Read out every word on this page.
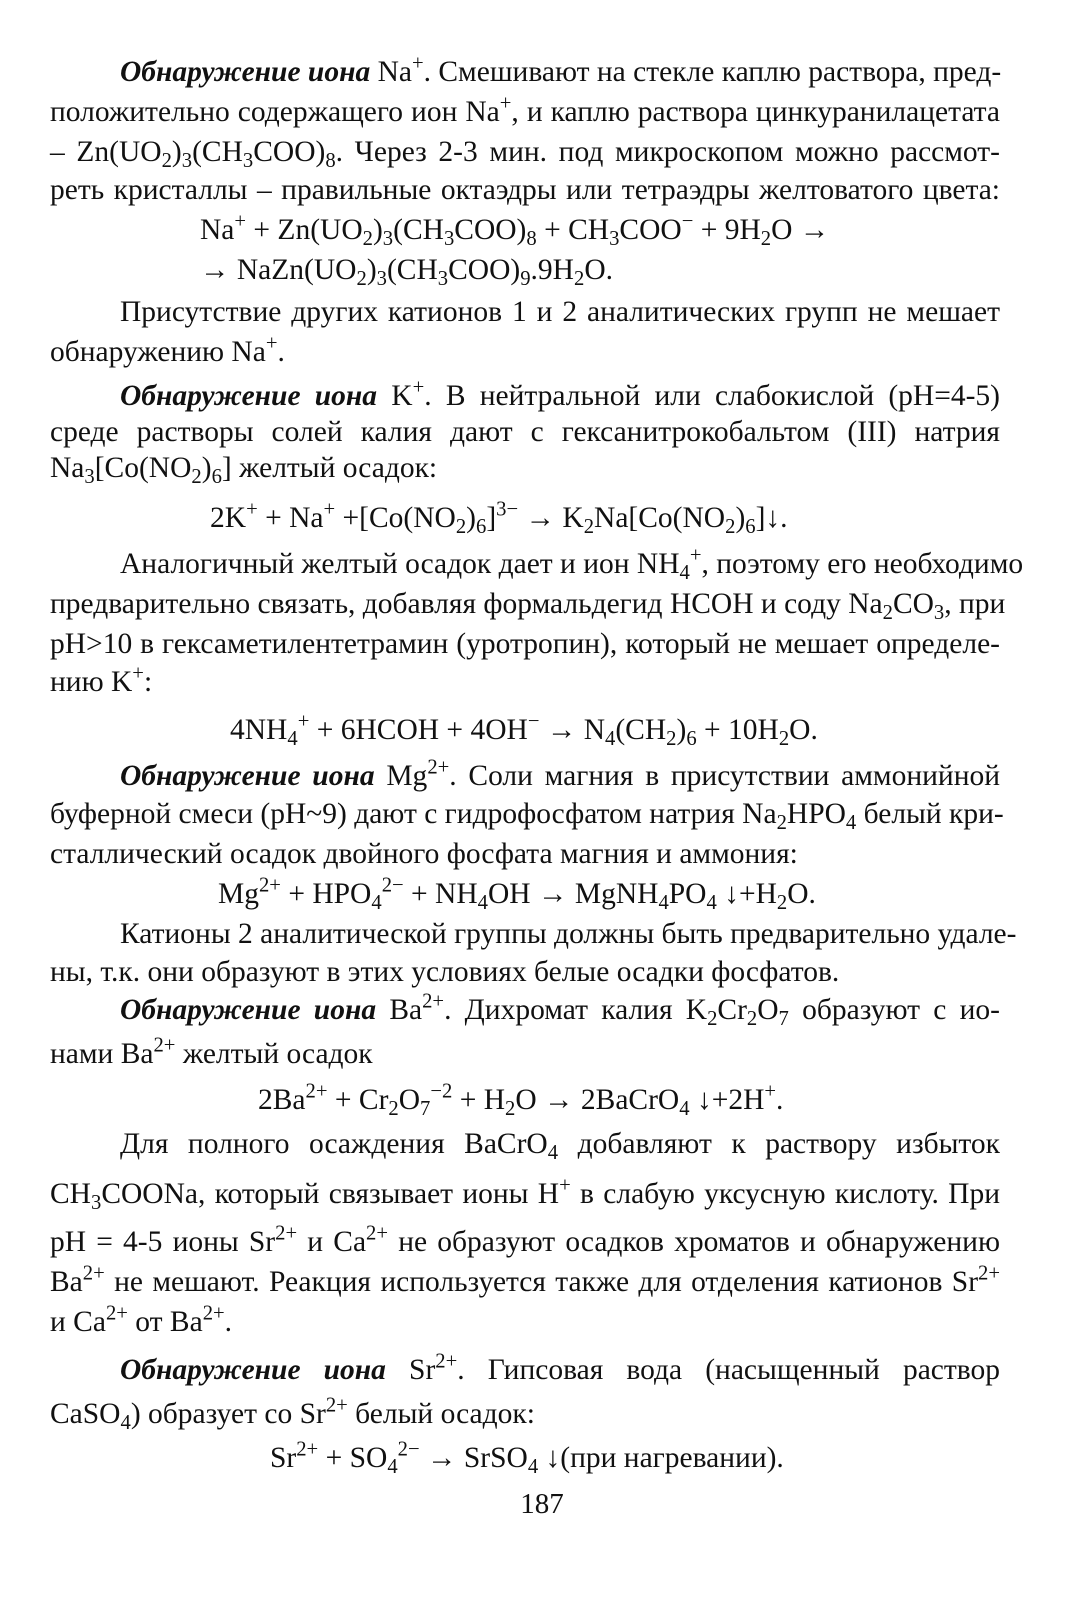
Обнаружение иона Na+. Смешивают на стекле каплю раствора, пред-
положительно содержащего ион Na+, и каплю раствора цинкуранилацетата
– $Zn(UO_2)_3(CH_3COO)_8$. Через 2-3 мин. под микроскопом можно рассмот-
реть кристаллы – правильные октаэдры или тетраэдры желтоватого цвета:
$Na^+ + Zn(UO_2)_3(CH_3COO)_8 + CH_3COO^- + 9H_2O$ →
→ $NaZn(UO_2)_3(CH_3COO)_9.9H_2O$.
Присутствие других катионов 1 и 2 аналитических групп не мешает
обнаружению Na+.
Обнаружение иона K+. В нейтральной или слабокислой (pH=4-5)
среде растворы солей калия дают с гексанитрокобальтом (III) натрия
$Na_3[Co(NO_2)_6]$ желтый осадок:
$2K^+ + Na^+ +[Co(NO_2)_6]^{3-}$ → $K_2Na[Co(NO_2)_6]↓$.
Аналогичный желтый осадок дает и ион $NH_4^+$, поэтому его необходимо
предварительно связать, добавляя формальдегид HCOH и соду $Na_2CO_3$, при
pH>10 в гексаметилентетрамин (уротропин), который не мешает определе-
нию K+:
$4NH_4^+$ + 6HCOH + $4OH^- \to N_4(CH_2)_6 + 10H_2O$.
Обнаружение иона $Mg^{2+}$. Соли магния в присутствии аммонийной
буферной смеси (pH~9) дают с гидрофосфатом натрия $Na_2HPO_4$ белый кри-
сталлический осадок двойного фосфата магния и аммония:
$Mg^{2+} + HPO_4^{2-} + NH_4OH$ → $MgNH_4PO_4$ $↓+H_2O$.
Катионы 2 аналитической группы должны быть предварительно удале-
ны, т.к. они образуют в этих условиях белые осадки фосфатов.
Обнаружение иона $Ba^{2+}$. Дихромат калия $K_2Cr_2O_7$ образуют с ио-
нами $Ba^{2+}$ желтый осадок
$2Ba^{2+} + Cr_2O_7^{-2} + H_2O$ → 2BaCrO$_4$ ↓+2H+.
Для полного осаждения BaCrO$_4$ добавляют к раствору избыток
$CH_3COONa$, который связывает ионы H+ в слабую уксусную кислоту. При
pH = 4-5 ионы $Sr^{2+}$ и $Ca^{2+}$ не образуют осадков хроматов и обнаружению
$Ba^{2+}$ не мешают. Реакция используется также для отделения катионов $Sr^{2+}$
и $Ca^{2+}$ от $Ba^{2+}$.
Обнаружение иона $Sr^{2+}$. Гипсовая вода (насыщенный раствор
CaSO$_4$) образует со $Sr^{2+}$ белый осадок:
$Sr^{2+} + SO_4^{2-}$ → SrSO$_4$ ↓(при нагревании).
187
